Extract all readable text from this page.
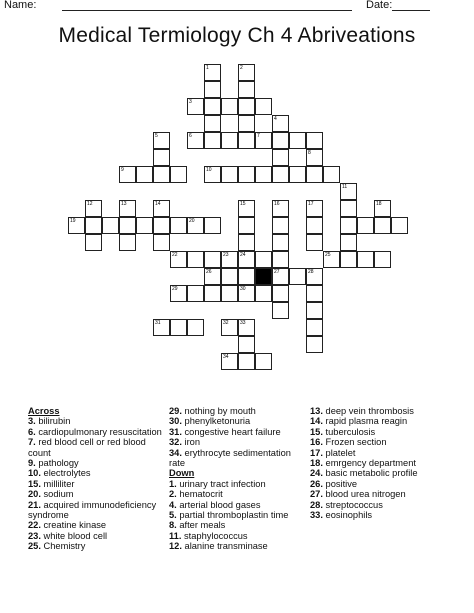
Name:	Date:
Medical Termiology Ch 4 Abriveations
1	2
3
5	6	7
4
8
9	10
11
12	13	14
19	20
15	16	17	18
22	23 24
26	27
29	30
28
25
31	32 33
34
Across
3. bilirubin
6. cardiopulmonary resuscitation
7. red blood cell or red blood count
9. pathology
10. electrolytes
15. milliliter
20. sodium
21. acquired immunodeficiency syndrome
22. creatine kinase
23. white blood cell
25. Chemistry
29. nothing by mouth
30. phenylketonuria
31. congestive heart failure
32. iron
34. erythrocyte sedimentation rate
Down
1. urinary tract infection
2. hematocrit
4. arterial blood gases
5. partial thromboplastin time
8. after meals
11. staphylococcus
12. alanine transminase
13. deep vein thrombosis
14. rapid plasma reagin
15. tuberculosis
16. Frozen section
17. platelet
18. emrgency department
24. basic metabolic profile
26. positive
27. blood urea nitrogen
28. streptococcus
33. eosinophils
